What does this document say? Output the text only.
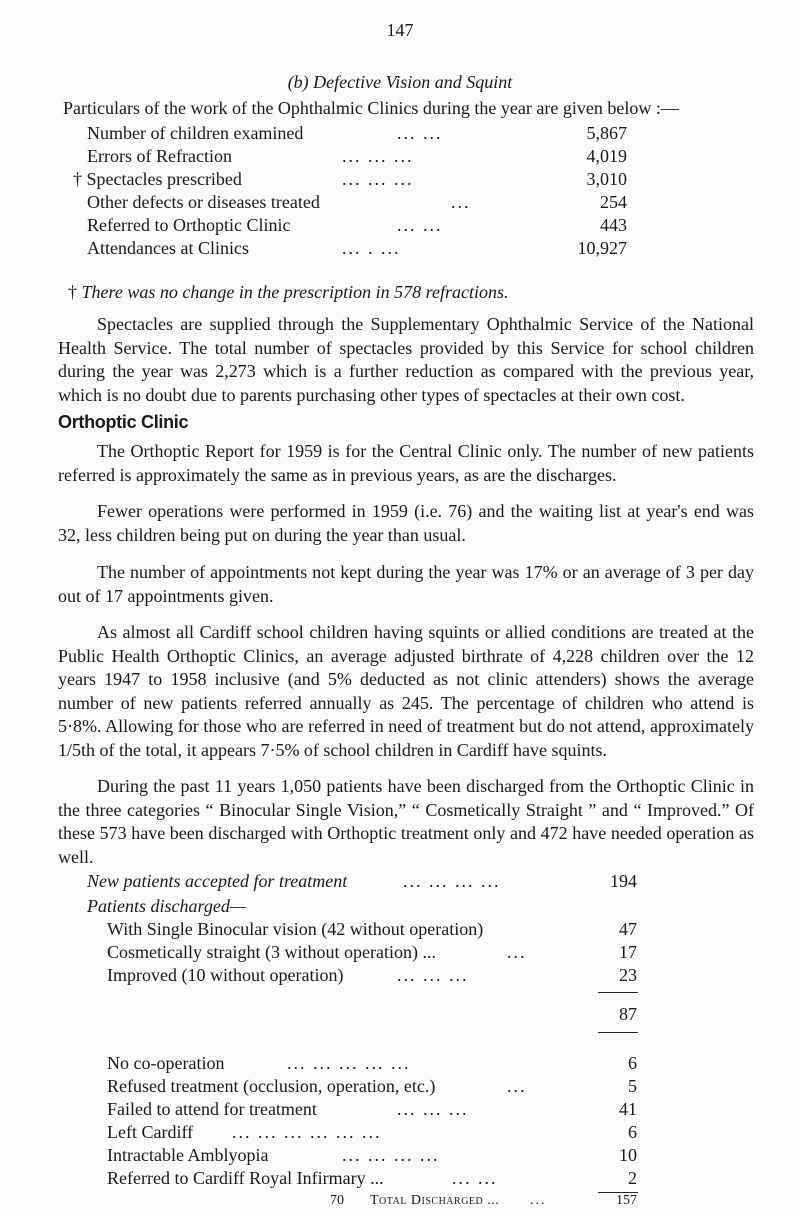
147
(b) Defective Vision and Squint
Particulars of the work of the Ophthalmic Clinics during the year are given below :—
Number of children examined	... ...	5,867
Errors of Refraction	... ... ...	4,019
† Spectacles prescribed	... ... ...	3,010
Other defects or diseases treated	...	254
Referred to Orthoptic Clinic	... ...	443
Attendances at Clinics	... . ...	10,927
† There was no change in the prescription in 578 refractions.

Spectacles are supplied through the Supplementary Ophthalmic Service of the National Health Service. The total number of spectacles provided by this Service for school children during the year was 2,273 which is a further reduction as compared with the previous year, which is no doubt due to parents purchasing other types of spectacles at their own cost.

Orthoptic Clinic

The Orthoptic Report for 1959 is for the Central Clinic only. The number of new patients referred is approximately the same as in previous years, as are the discharges.

Fewer operations were performed in 1959 (i.e. 76) and the waiting list at year's end was 32, less children being put on during the year than usual.

The number of appointments not kept during the year was 17% or an average of 3 per day out of 17 appointments given.

As almost all Cardiff school children having squints or allied conditions are treated at the Public Health Orthoptic Clinics, an average adjusted birthrate of 4,228 children over the 12 years 1947 to 1958 inclusive (and 5% deducted as not clinic attenders) shows the average number of new patients referred annually as 245. The percentage of children who attend is 5·8%. Allowing for those who are referred in need of treatment but do not attend, approximately 1/5th of the total, it appears 7·5% of school children in Cardiff have squints.

During the past 11 years 1,050 patients have been discharged from the Orthoptic Clinic in the three categories “ Binocular Single Vision,” “ Cosmetically Straight ” and “ Improved.” Of these 573 have been discharged with Orthoptic treatment only and 472 have needed operation as well.

New patients accepted for treatment	... ... ... ...	194
Patients discharged—
With Single Binocular vision (42 without operation)	47
Cosmetically straight (3 without operation) ...	...	17
Improved (10 without operation)	... ... ...	23
87
No co-operation	... ... ... ... ...	6
Refused treatment (occlusion, operation, etc.)	...	5
Failed to attend for treatment	... ... ...	41
Left Cardiff ... ... ... ... ... ...	6
Intractable Amblyopia	... ... ... ...	10
Referred to Cardiff Royal Infirmary ...	... ...	2
70 Total Discharged ... ...	157
